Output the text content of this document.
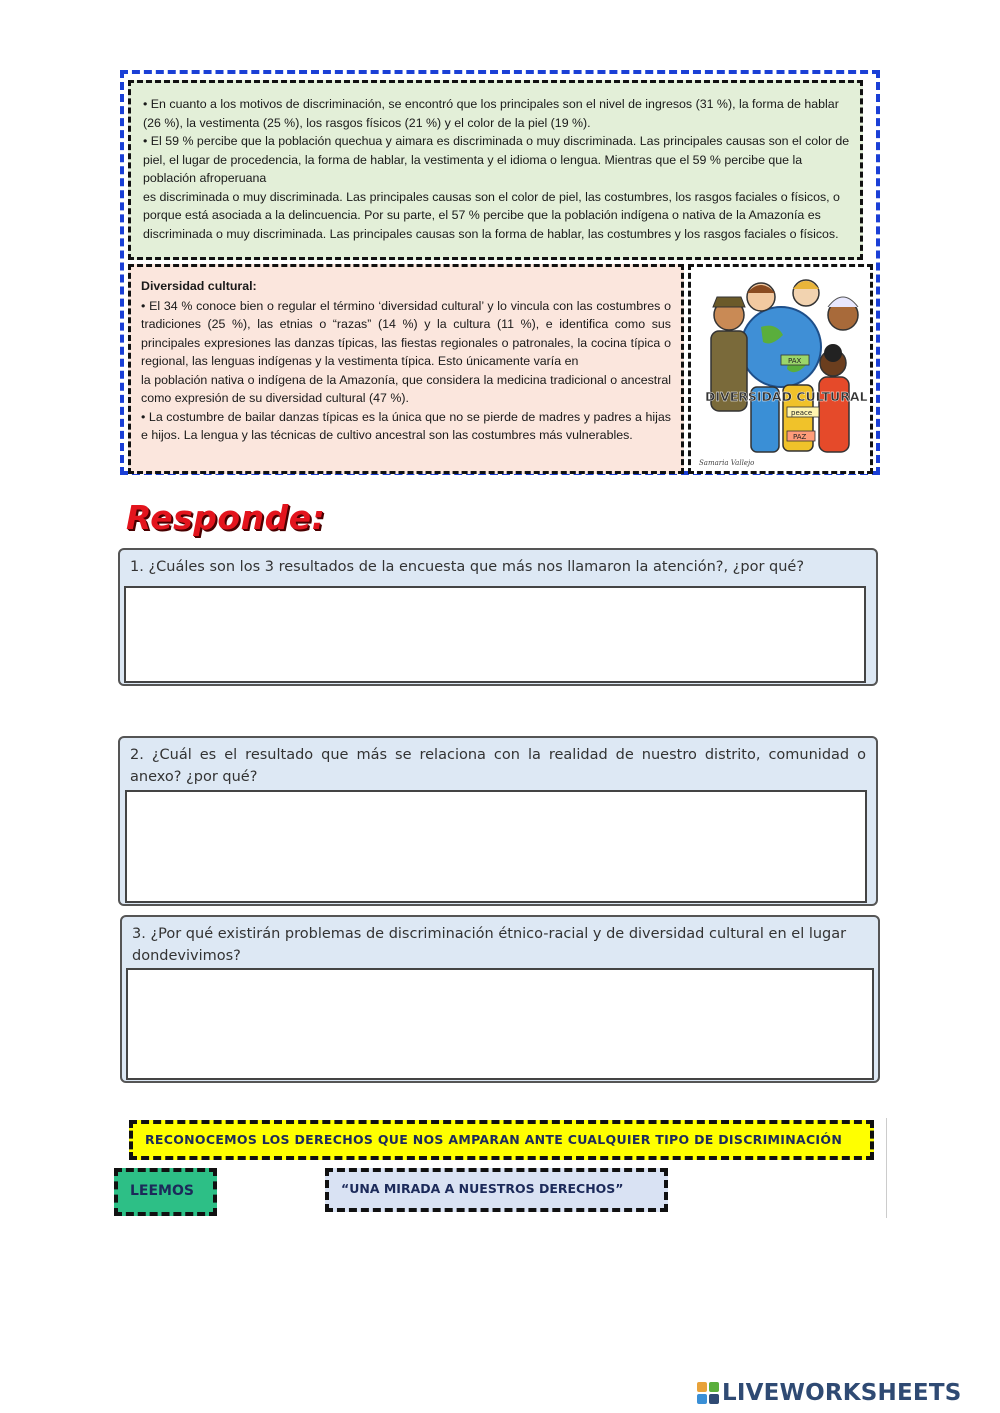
• En cuanto a los motivos de discriminación, se encontró que los principales son el nivel de ingresos (31 %), la forma de hablar (26 %), la vestimenta (25 %), los rasgos físicos (21 %) y el color de la piel (19 %).

• El 59 % percibe que la población quechua y aimara es discriminada o muy discriminada. Las principales causas son el color de piel, el lugar de procedencia, la forma de hablar, la vestimenta y el idioma o lengua. Mientras que el 59 % percibe que la población afroperuana

es discriminada o muy discriminada. Las principales causas son el color de piel, las costumbres, los rasgos faciales o físicos, o porque está asociada a la delincuencia. Por su parte, el 57 % percibe que la población indígena o nativa de la Amazonía es discriminada o muy discriminada. Las principales causas son la forma de hablar, las costumbres y los rasgos faciales o físicos.

Diversidad cultural:

• El 34 % conoce bien o regular el término ‘diversidad cultural’ y lo vincula con las costumbres o tradiciones (25 %), las etnias o “razas” (14 %) y la cultura (11 %), e identifica como sus principales expresiones las danzas típicas, las fiestas regionales o patronales, la cocina típica o regional, las lenguas indígenas y la vestimenta típica. Esto únicamente varía en

la población nativa o indígena de la Amazonía, que considera la medicina tradicional o ancestral como expresión de su diversidad cultural (47 %).

• La costumbre de bailar danzas típicas es la única que no se pierde de madres y padres a hijas e hijos. La lengua y las técnicas de cultivo ancestral son las costumbres más vulnerables.

PAX
peace
PAZ
DIVERSIDAD CULTURAL
Samaria Vallejo
Responde:

1. ¿Cuáles son los 3 resultados de la encuesta que más nos llamaron la atención?, ¿por qué?

2. ¿Cuál es el resultado que más se relaciona con la realidad de nuestro distrito, comunidad o anexo? ¿por qué?

3. ¿Por qué existirán problemas de discriminación étnico-racial y de diversidad cultural en el lugar dondevivimos?

RECONOCEMOS LOS DERECHOS QUE NOS AMPARAN ANTE CUALQUIER TIPO DE DISCRIMINACIÓN
LEEMOS	“UNA MIRADA A NUESTROS DERECHOS”
LIVEWORKSHEETS
